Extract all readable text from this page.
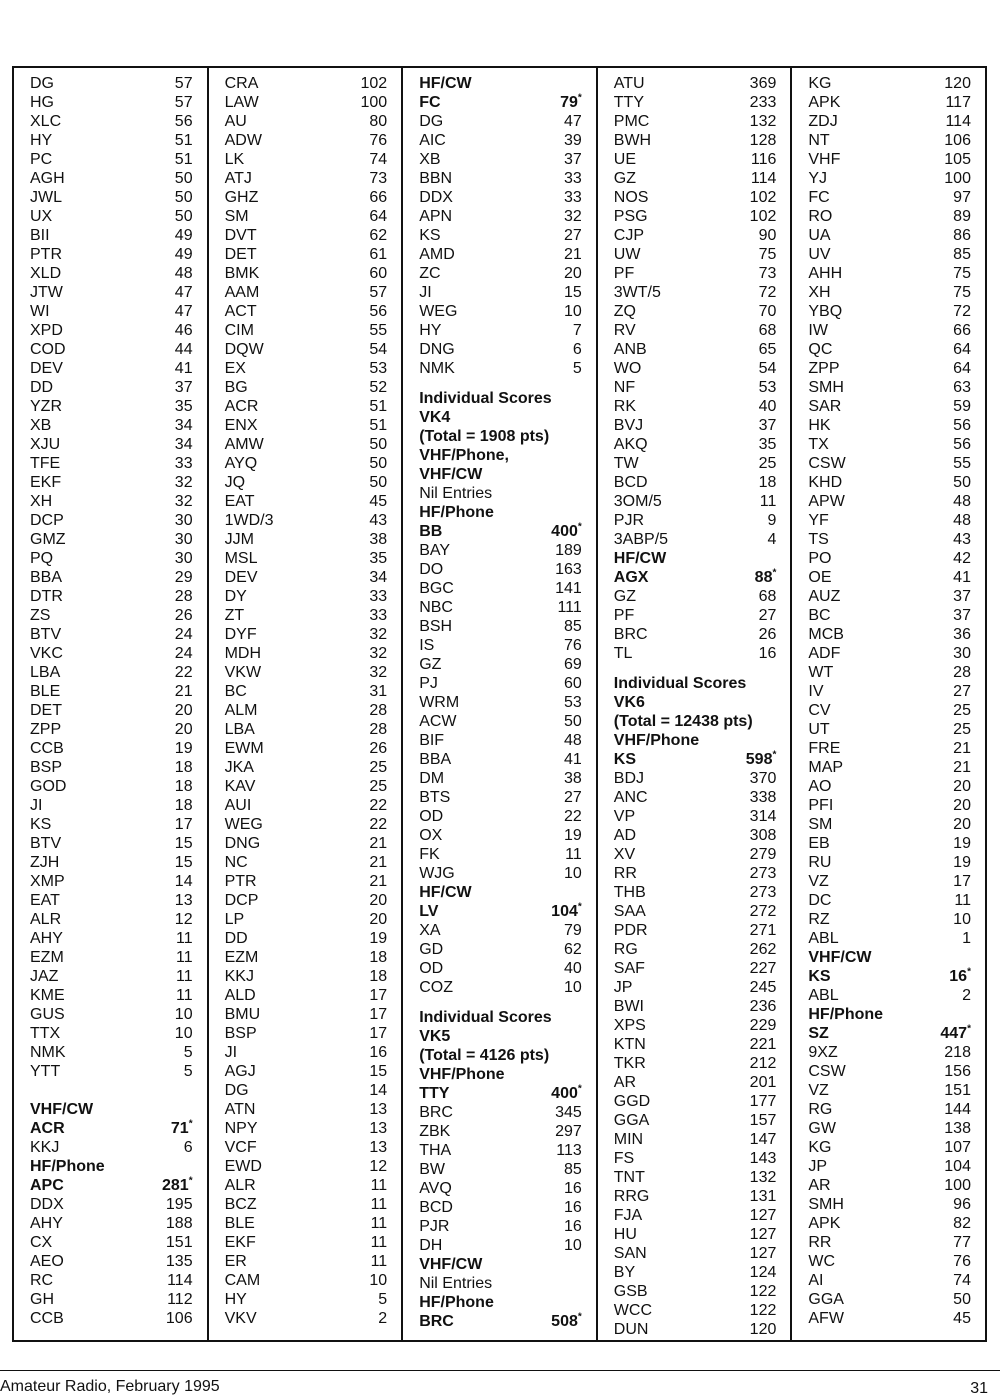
DG	57
HG	57
XLC	56
HY	51
PC	51
AGH	50
JWL	50
UX	50
BII	49
PTR	49
XLD	48
JTW	47
WI	47
XPD	46
COD	44
DEV	41
DD	37
YZR	35
XB	34
XJU	34
TFE	33
EKF	32
XH	32
DCP	30
GMZ	30
PQ	30
BBA	29
DTR	28
ZS	26
BTV	24
VKC	24
LBA	22
BLE	21
DET	20
ZPP	20
CCB	19
BSP	18
GOD	18
JI	18
KS	17
BTV	15
ZJH	15
XMP	14
EAT	13
ALR	12
AHY	11
EZM	11
JAZ	11
KME	11
GUS	10
TTX	10
NMK	5
YTT	5
VHF/CW
ACR	71*
KKJ	6
HF/Phone
APC	281*
DDX	195
AHY	188
CX	151
AEO	135
RC	114
GH	112
CCB	106
CRA	102
LAW	100
AU	80
ADW	76
LK	74
ATJ	73
GHZ	66
SM	64
DVT	62
DET	61
BMK	60
AAM	57
ACT	56
CIM	55
DQW	54
EX	53
BG	52
ACR	51
ENX	51
AMW	50
AYQ	50
JQ	50
EAT	45
1WD/3	43
JJM	38
MSL	35
DEV	34
DY	33
ZT	33
DYF	32
MDH	32
VKW	32
BC	31
ALM	28
LBA	28
EWM	26
JKA	25
KAV	25
AUI	22
WEG	22
DNG	21
NC	21
PTR	21
DCP	20
LP	20
DD	19
EZM	18
KKJ	18
ALD	17
BMU	17
BSP	17
JI	16
AGJ	15
DG	14
ATN	13
NPY	13
VCF	13
EWD	12
ALR	11
BCZ	11
BLE	11
EKF	11
ER	11
CAM	10
HY	5
VKV	2
HF/CW
FC	79*
DG	47
AIC	39
XB	37
BBN	33
DDX	33
APN	32
KS	27
AMD	21
ZC	20
JI	15
WEG	10
HY	7
DNG	6
NMK	5
Individual Scores
VK4
(Total = 1908 pts)
VHF/Phone,
VHF/CW
Nil Entries
HF/Phone
BB	400*
BAY	189
DO	163
BGC	141
NBC	111
BSH	85
IS	76
GZ	69
PJ	60
WRM	53
ACW	50
BIF	48
BBA	41
DM	38
BTS	27
OD	22
OX	19
FK	11
WJG	10
HF/CW
LV	104*
XA	79
GD	62
OD	40
COZ	10
Individual Scores
VK5
(Total = 4126 pts)
VHF/Phone
TTY	400*
BRC	345
ZBK	297
THA	113
BW	85
AVQ	16
BCD	16
PJR	16
DH	10
VHF/CW
Nil Entries
HF/Phone
BRC	508*
ATU	369
TTY	233
PMC	132
BWH	128
UE	116
GZ	114
NOS	102
PSG	102
CJP	90
UW	75
PF	73
3WT/5	72
ZQ	70
RV	68
ANB	65
WO	54
NF	53
RK	40
BVJ	37
AKQ	35
TW	25
BCD	18
3OM/5	11
PJR	9
3ABP/5	4
HF/CW
AGX	88*
GZ	68
PF	27
BRC	26
TL	16
Individual Scores
VK6
(Total = 12438 pts)
VHF/Phone
KS	598*
BDJ	370
ANC	338
VP	314
AD	308
XV	279
RR	273
THB	273
SAA	272
PDR	271
RG	262
SAF	227
JP	245
BWI	236
XPS	229
KTN	221
TKR	212
AR	201
GGD	177
GGA	157
MIN	147
FS	143
TNT	132
RRG	131
FJA	127
HU	127
SAN	127
BY	124
GSB	122
WCC	122
DUN	120
KG	120
APK	117
ZDJ	114
NT	106
VHF	105
YJ	100
FC	97
RO	89
UA	86
UV	85
AHH	75
XH	75
YBQ	72
IW	66
QC	64
ZPP	64
SMH	63
SAR	59
HK	56
TX	56
CSW	55
KHD	50
APW	48
YF	48
TS	43
PO	42
OE	41
AUZ	37
BC	37
MCB	36
ADF	30
WT	28
IV	27
CV	25
UT	25
FRE	21
MAP	21
AO	20
PFI	20
SM	20
EB	19
RU	19
VZ	17
DC	11
RZ	10
ABL	1
VHF/CW
KS	16*
ABL	2
HF/Phone
SZ	447*
9XZ	218
CSW	156
VZ	151
RG	144
GW	138
KG	107
JP	104
AR	100
SMH	96
APK	82
RR	77
WC	76
AI	74
GGA	50
AFW	45
Amateur Radio, February 1995	31
